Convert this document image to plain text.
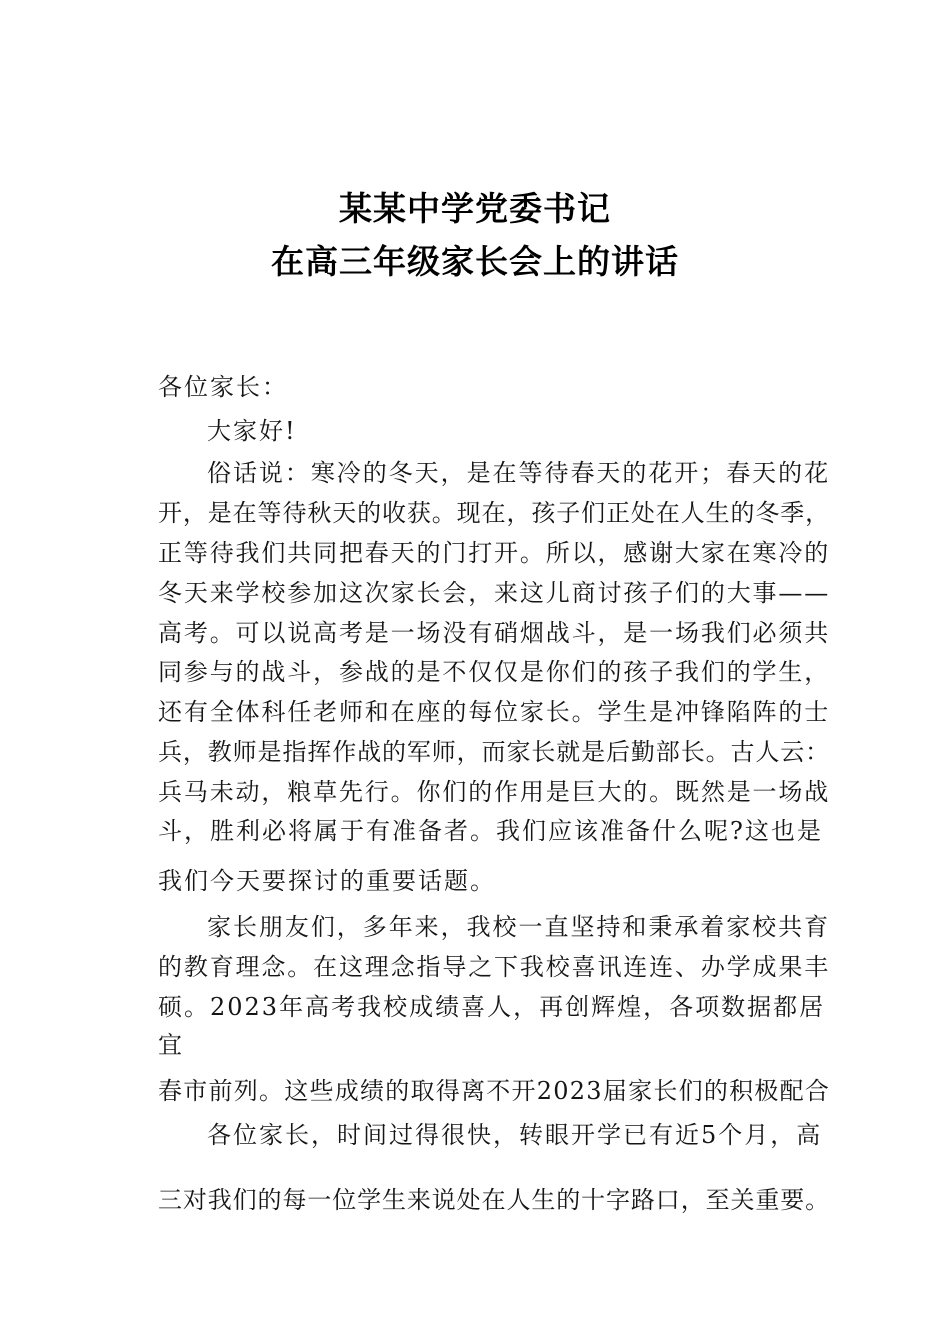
某某中学党委书记
在高三年级家长会上的讲话
各位家长：
大家好!
俗话说：寒冷的冬天，是在等待春天的花开；春天的花
开，是在等待秋天的收获。现在，孩子们正处在人生的冬季，
正等待我们共同把春天的门打开。所以，感谢大家在寒冷的
冬天来学校参加这次家长会，来这儿商讨孩子们的大事——
高考。可以说高考是一场没有硝烟战斗，是一场我们必须共
同参与的战斗，参战的是不仅仅是你们的孩子我们的学生，
还有全体科任老师和在座的每位家长。学生是冲锋陷阵的士
兵，教师是指挥作战的军师，而家长就是后勤部长。古人云：
兵马未动，粮草先行。你们的作用是巨大的。既然是一场战
斗，胜利必将属于有准备者。我们应该准备什么呢?这也是
我们今天要探讨的重要话题。
家长朋友们，多年来，我校一直坚持和秉承着家校共育
的教育理念。在这理念指导之下我校喜讯连连、办学成果丰
硕。2023年高考我校成绩喜人，再创辉煌，各项数据都居
宜
春市前列。这些成绩的取得离不开2023届家长们的积极配合
各位家长，时间过得很快，转眼开学已有近5个月，高
三对我们的每一位学生来说处在人生的十字路口，至关重要。
